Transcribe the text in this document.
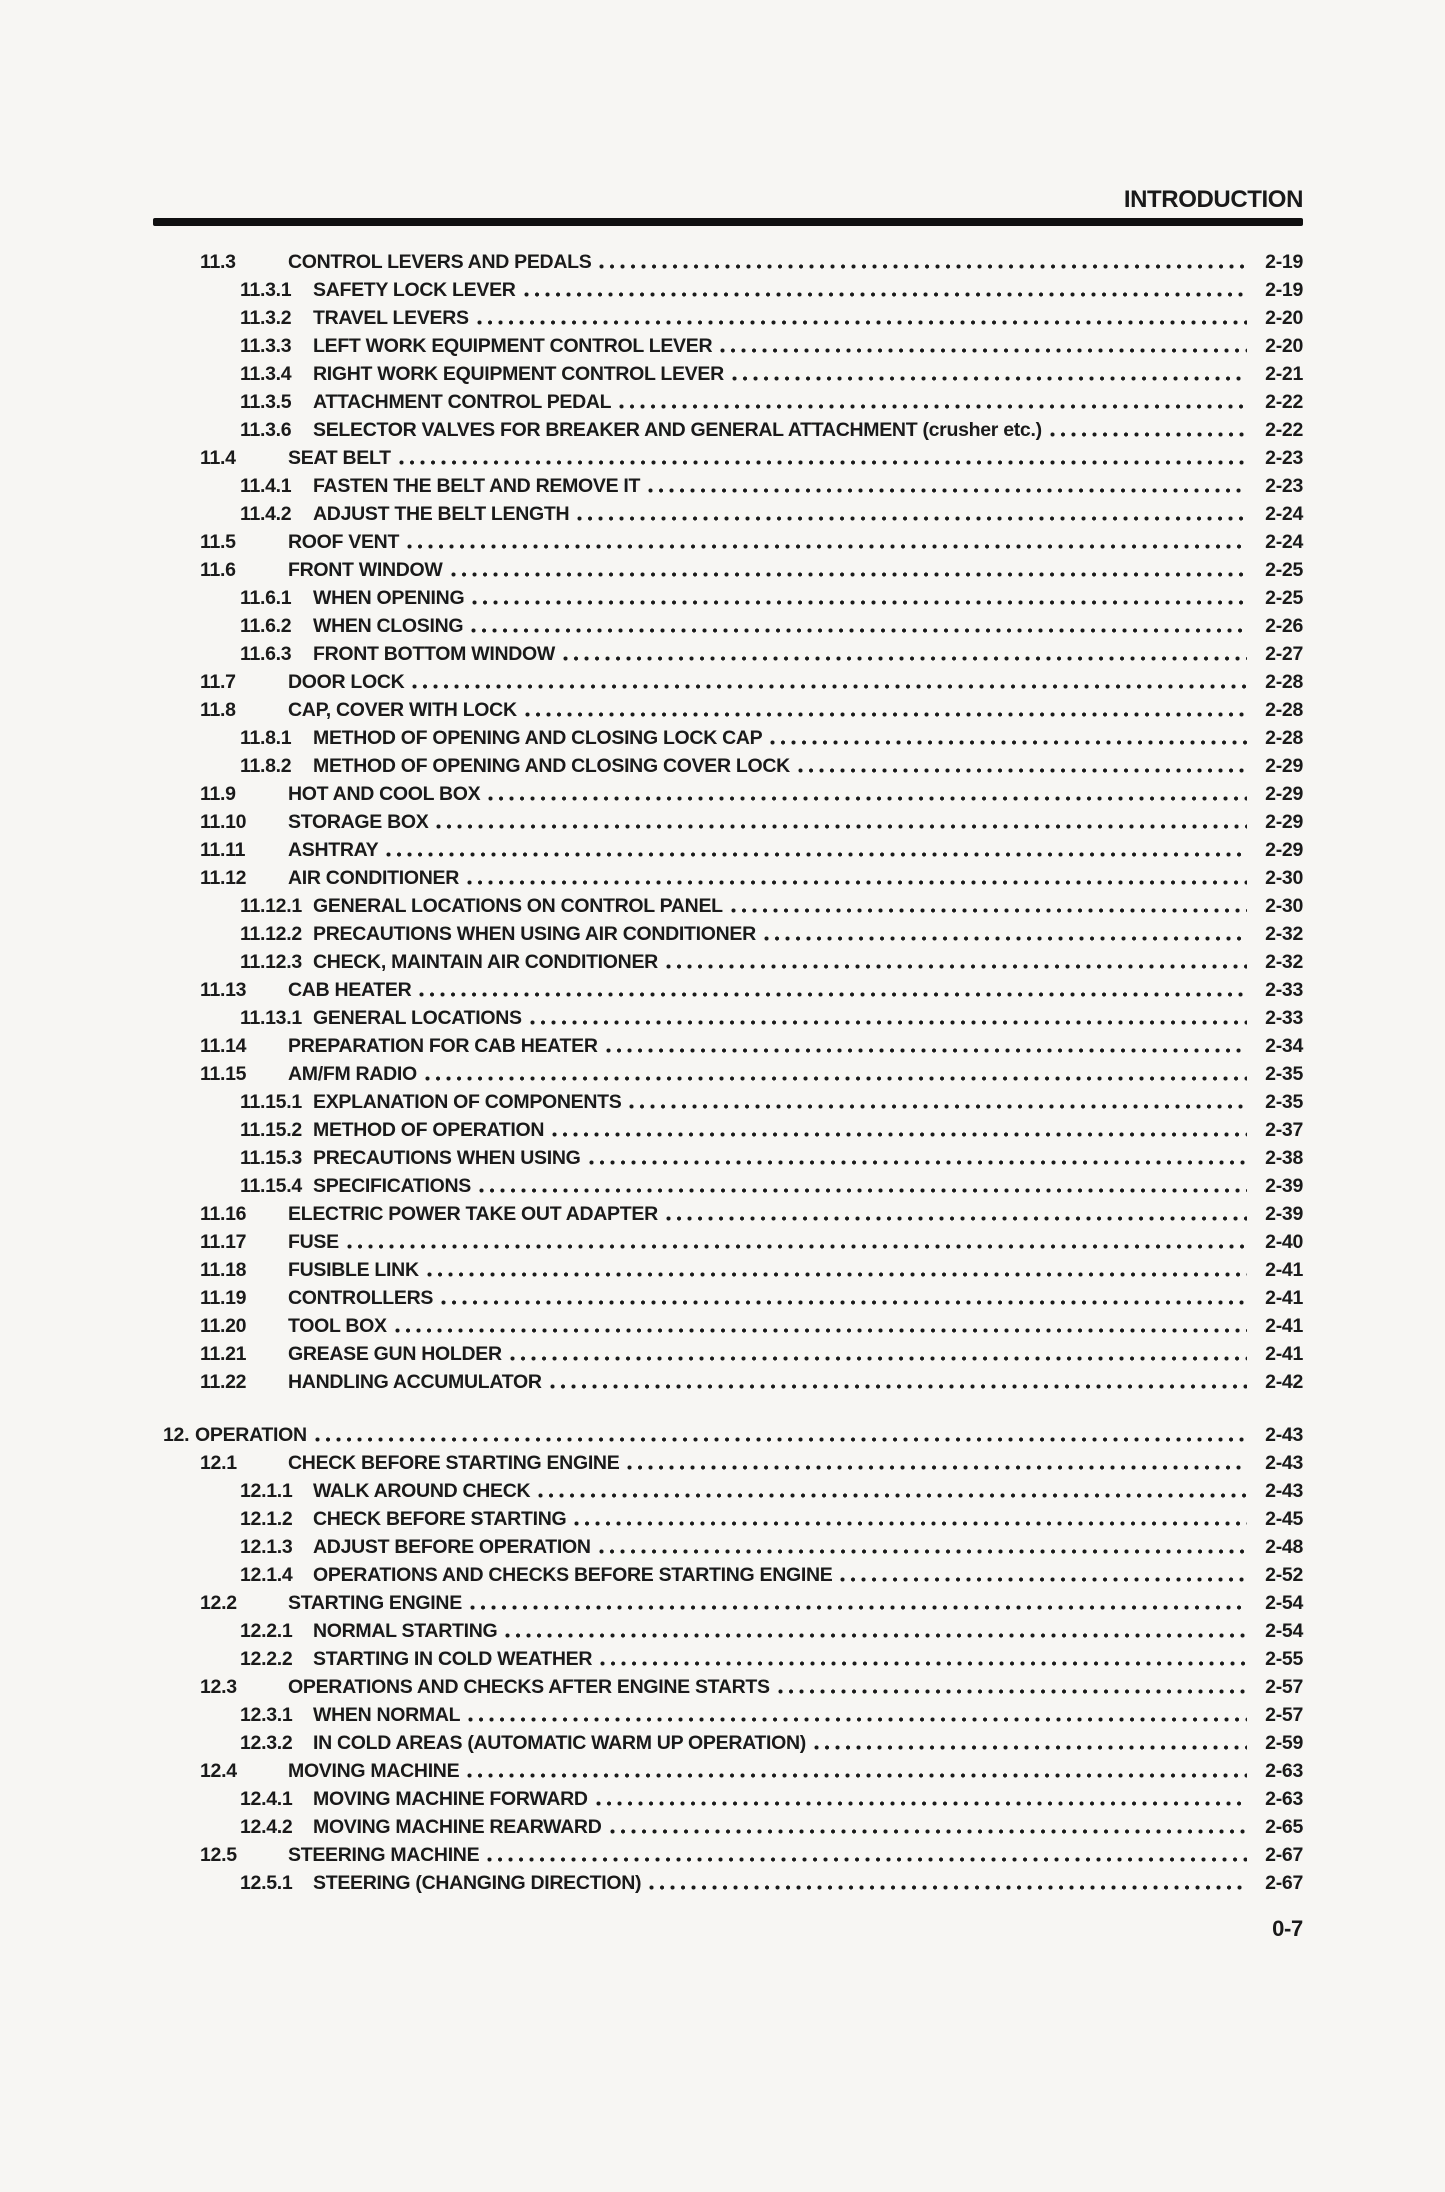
INTRODUCTION
11.3	CONTROL LEVERS AND PEDALS	2-19
11.3.1	SAFETY LOCK LEVER	2-19
11.3.2	TRAVEL LEVERS	2-20
11.3.3	LEFT WORK EQUIPMENT CONTROL LEVER	2-20
11.3.4	RIGHT WORK EQUIPMENT CONTROL LEVER	2-21
11.3.5	ATTACHMENT CONTROL PEDAL	2-22
11.3.6	SELECTOR VALVES FOR BREAKER AND GENERAL ATTACHMENT (crusher etc.)	2-22
11.4	SEAT BELT	2-23
11.4.1	FASTEN THE BELT AND REMOVE IT	2-23
11.4.2	ADJUST THE BELT LENGTH	2-24
11.5	ROOF VENT	2-24
11.6	FRONT WINDOW	2-25
11.6.1	WHEN OPENING	2-25
11.6.2	WHEN CLOSING	2-26
11.6.3	FRONT BOTTOM WINDOW	2-27
11.7	DOOR LOCK	2-28
11.8	CAP, COVER WITH LOCK	2-28
11.8.1	METHOD OF OPENING AND CLOSING LOCK CAP	2-28
11.8.2	METHOD OF OPENING AND CLOSING COVER LOCK	2-29
11.9	HOT AND COOL BOX	2-29
11.10	STORAGE BOX	2-29
11.11	ASHTRAY	2-29
11.12	AIR CONDITIONER	2-30
11.12.1 GENERAL LOCATIONS ON CONTROL PANEL	2-30
11.12.2 PRECAUTIONS WHEN USING AIR CONDITIONER	2-32
11.12.3 CHECK, MAINTAIN AIR CONDITIONER	2-32
11.13	CAB HEATER	2-33
11.13.1 GENERAL LOCATIONS	2-33
11.14	PREPARATION FOR CAB HEATER	2-34
11.15	AM/FM RADIO	2-35
11.15.1 EXPLANATION OF COMPONENTS	2-35
11.15.2 METHOD OF OPERATION	2-37
11.15.3 PRECAUTIONS WHEN USING	2-38
11.15.4 SPECIFICATIONS	2-39
11.16	ELECTRIC POWER TAKE OUT ADAPTER	2-39
11.17	FUSE	2-40
11.18	FUSIBLE LINK	2-41
11.19	CONTROLLERS	2-41
11.20	TOOL BOX	2-41
11.21	GREASE GUN HOLDER	2-41
11.22	HANDLING ACCUMULATOR	2-42
12. OPERATION	2-43
12.1	CHECK BEFORE STARTING ENGINE	2-43
12.1.1	WALK AROUND CHECK	2-43
12.1.2	CHECK BEFORE STARTING	2-45
12.1.3	ADJUST BEFORE OPERATION	2-48
12.1.4	OPERATIONS AND CHECKS BEFORE STARTING ENGINE	2-52
12.2	STARTING ENGINE	2-54
12.2.1	NORMAL STARTING	2-54
12.2.2	STARTING IN COLD WEATHER	2-55
12.3	OPERATIONS AND CHECKS AFTER ENGINE STARTS	2-57
12.3.1	WHEN NORMAL	2-57
12.3.2	IN COLD AREAS (AUTOMATIC WARM UP OPERATION)	2-59
12.4	MOVING MACHINE	2-63
12.4.1	MOVING MACHINE FORWARD	2-63
12.4.2	MOVING MACHINE REARWARD	2-65
12.5	STEERING MACHINE	2-67
12.5.1	STEERING (CHANGING DIRECTION)	2-67
0-7
